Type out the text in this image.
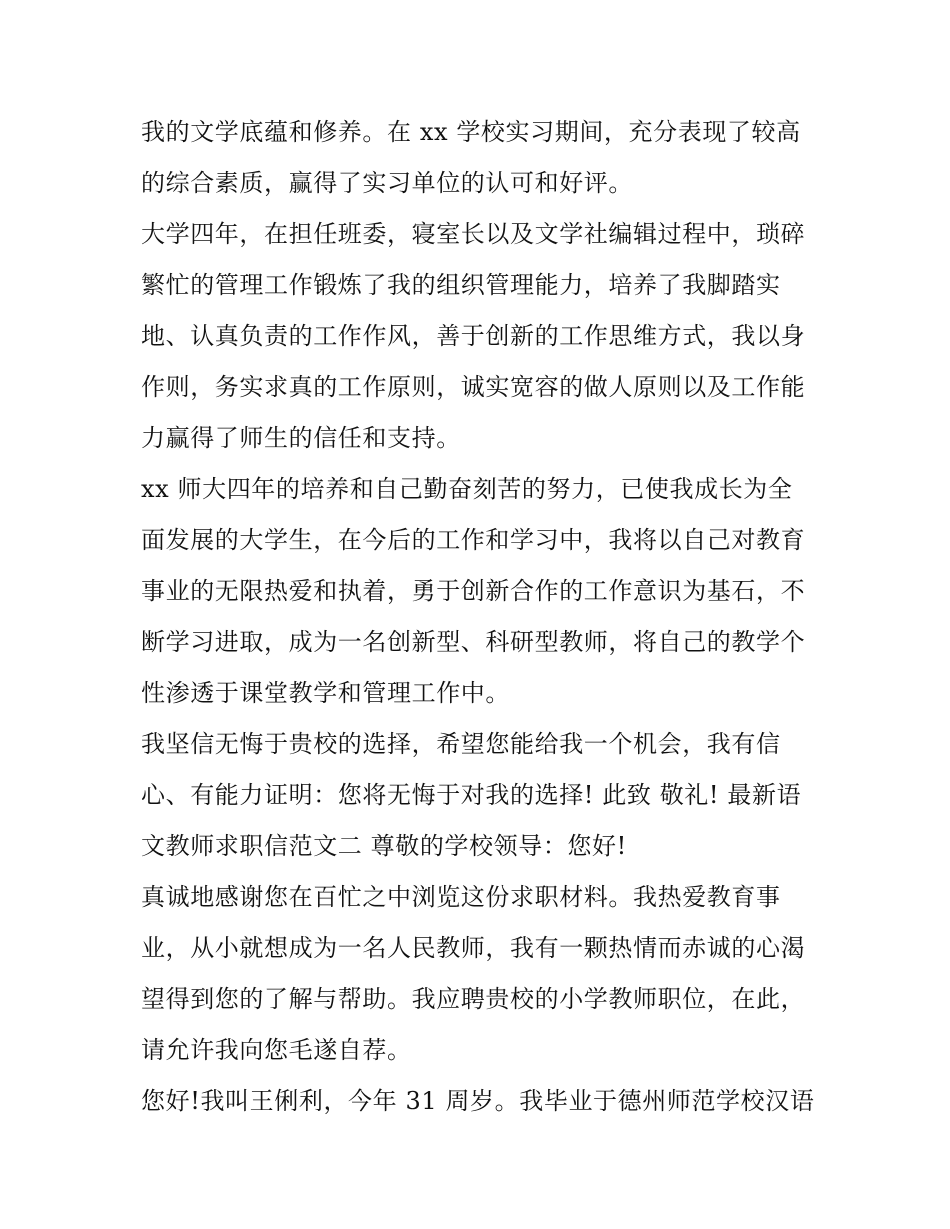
我的文学底蕴和修养。在 xx 学校实习期间，充分表现了较高
的综合素质，赢得了实习单位的认可和好评。
大学四年，在担任班委，寝室长以及文学社编辑过程中，琐碎
繁忙的管理工作锻炼了我的组织管理能力，培养了我脚踏实
地、认真负责的工作作风，善于创新的工作思维方式，我以身
作则，务实求真的工作原则，诚实宽容的做人原则以及工作能
力赢得了师生的信任和支持。
xx 师大四年的培养和自己勤奋刻苦的努力，已使我成长为全
面发展的大学生，在今后的工作和学习中，我将以自己对教育
事业的无限热爱和执着，勇于创新合作的工作意识为基石，不
断学习进取，成为一名创新型、科研型教师，将自己的教学个
性渗透于课堂教学和管理工作中。
我坚信无悔于贵校的选择，希望您能给我一个机会，我有信
心、有能力证明：您将无悔于对我的选择! 此致 敬礼! 最新语
文教师求职信范文二 尊敬的学校领导：您好!
真诚地感谢您在百忙之中浏览这份求职材料。我热爱教育事
业，从小就想成为一名人民教师，我有一颗热情而赤诚的心渴
望得到您的了解与帮助。我应聘贵校的小学教师职位，在此，
请允许我向您毛遂自荐。
您好!我叫王俐利，今年 31 周岁。我毕业于德州师范学校汉语
